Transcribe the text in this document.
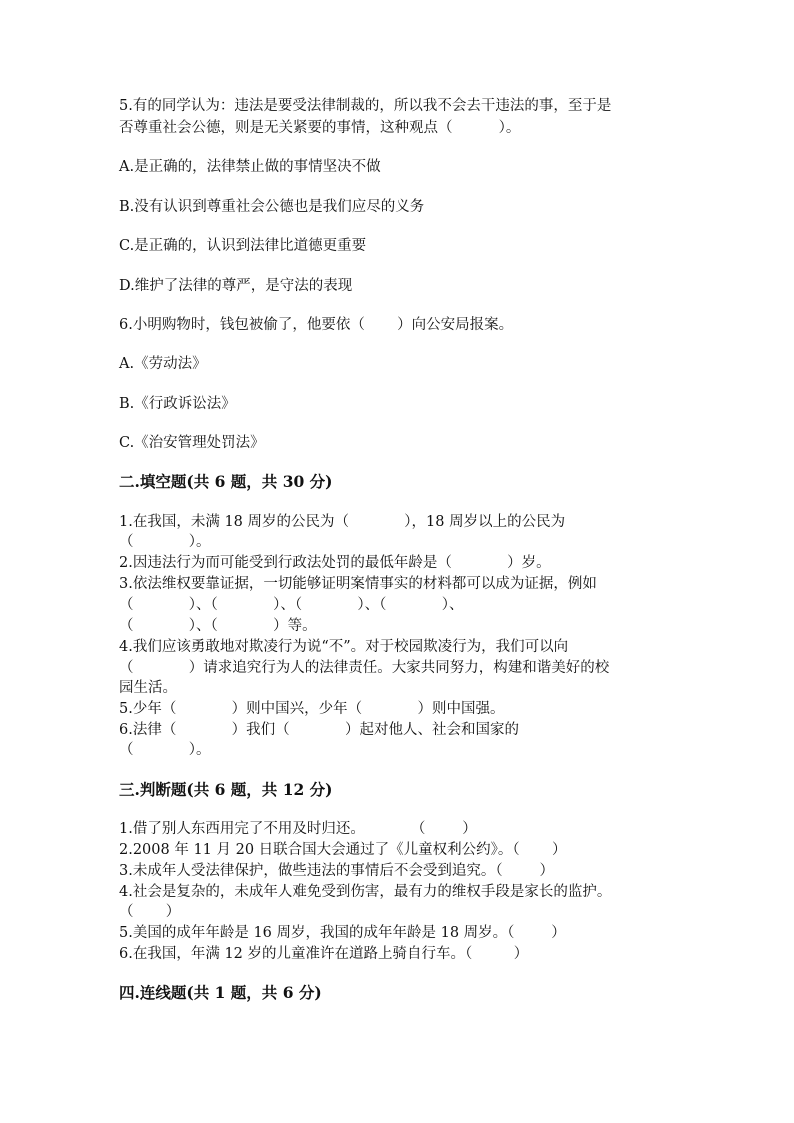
5.有的同学认为：违法是要受法律制裁的，所以我不会去干违法的事，至于是
否尊重社会公德，则是无关紧要的事情，这种观点（          ）。
A.是正确的，法律禁止做的事情坚决不做
B.没有认识到尊重社会公德也是我们应尽的义务
C.是正确的，认识到法律比道德更重要
D.维护了法律的尊严，是守法的表现
6.小明购物时，钱包被偷了，他要依（       ）向公安局报案。
A.《劳动法》
B.《行政诉讼法》
C.《治安管理处罚法》
二.填空题(共 6 题，共 30 分)
1.在我国，未满 18 周岁的公民为（            ），18 周岁以上的公民为
（            ）。
2.因违法行为而可能受到行政法处罚的最低年龄是（            ）岁。
3.依法维权要靠证据，一切能够证明案情事实的材料都可以成为证据，例如
（            ）、（            ）、（            ）、（            ）、
（            ）、（            ）等。
4.我们应该勇敢地对欺凌行为说“不”。对于校园欺凌行为，我们可以向
（            ）请求追究行为人的法律责任。大家共同努力，构建和谐美好的校
园生活。
5.少年（            ）则中国兴，少年（            ）则中国强。
6.法律（            ）我们（            ）起对他人、社会和国家的
（            ）。
三.判断题(共 6 题，共 12 分)
1.借了别人东西用完了不用及时归还。          （        ）
2.2008 年 11 月 20 日联合国大会通过了《儿童权利公约》。（       ）
3.未成年人受法律保护，做些违法的事情后不会受到追究。（        ）
4.社会是复杂的，未成年人难免受到伤害，最有力的维权手段是家长的监护。
（       ）
5.美国的成年年龄是 16 周岁，我国的成年年龄是 18 周岁。（        ）
6.在我国，年满 12 岁的儿童准许在道路上骑自行车。（         ）
四.连线题(共 1 题，共 6 分)
